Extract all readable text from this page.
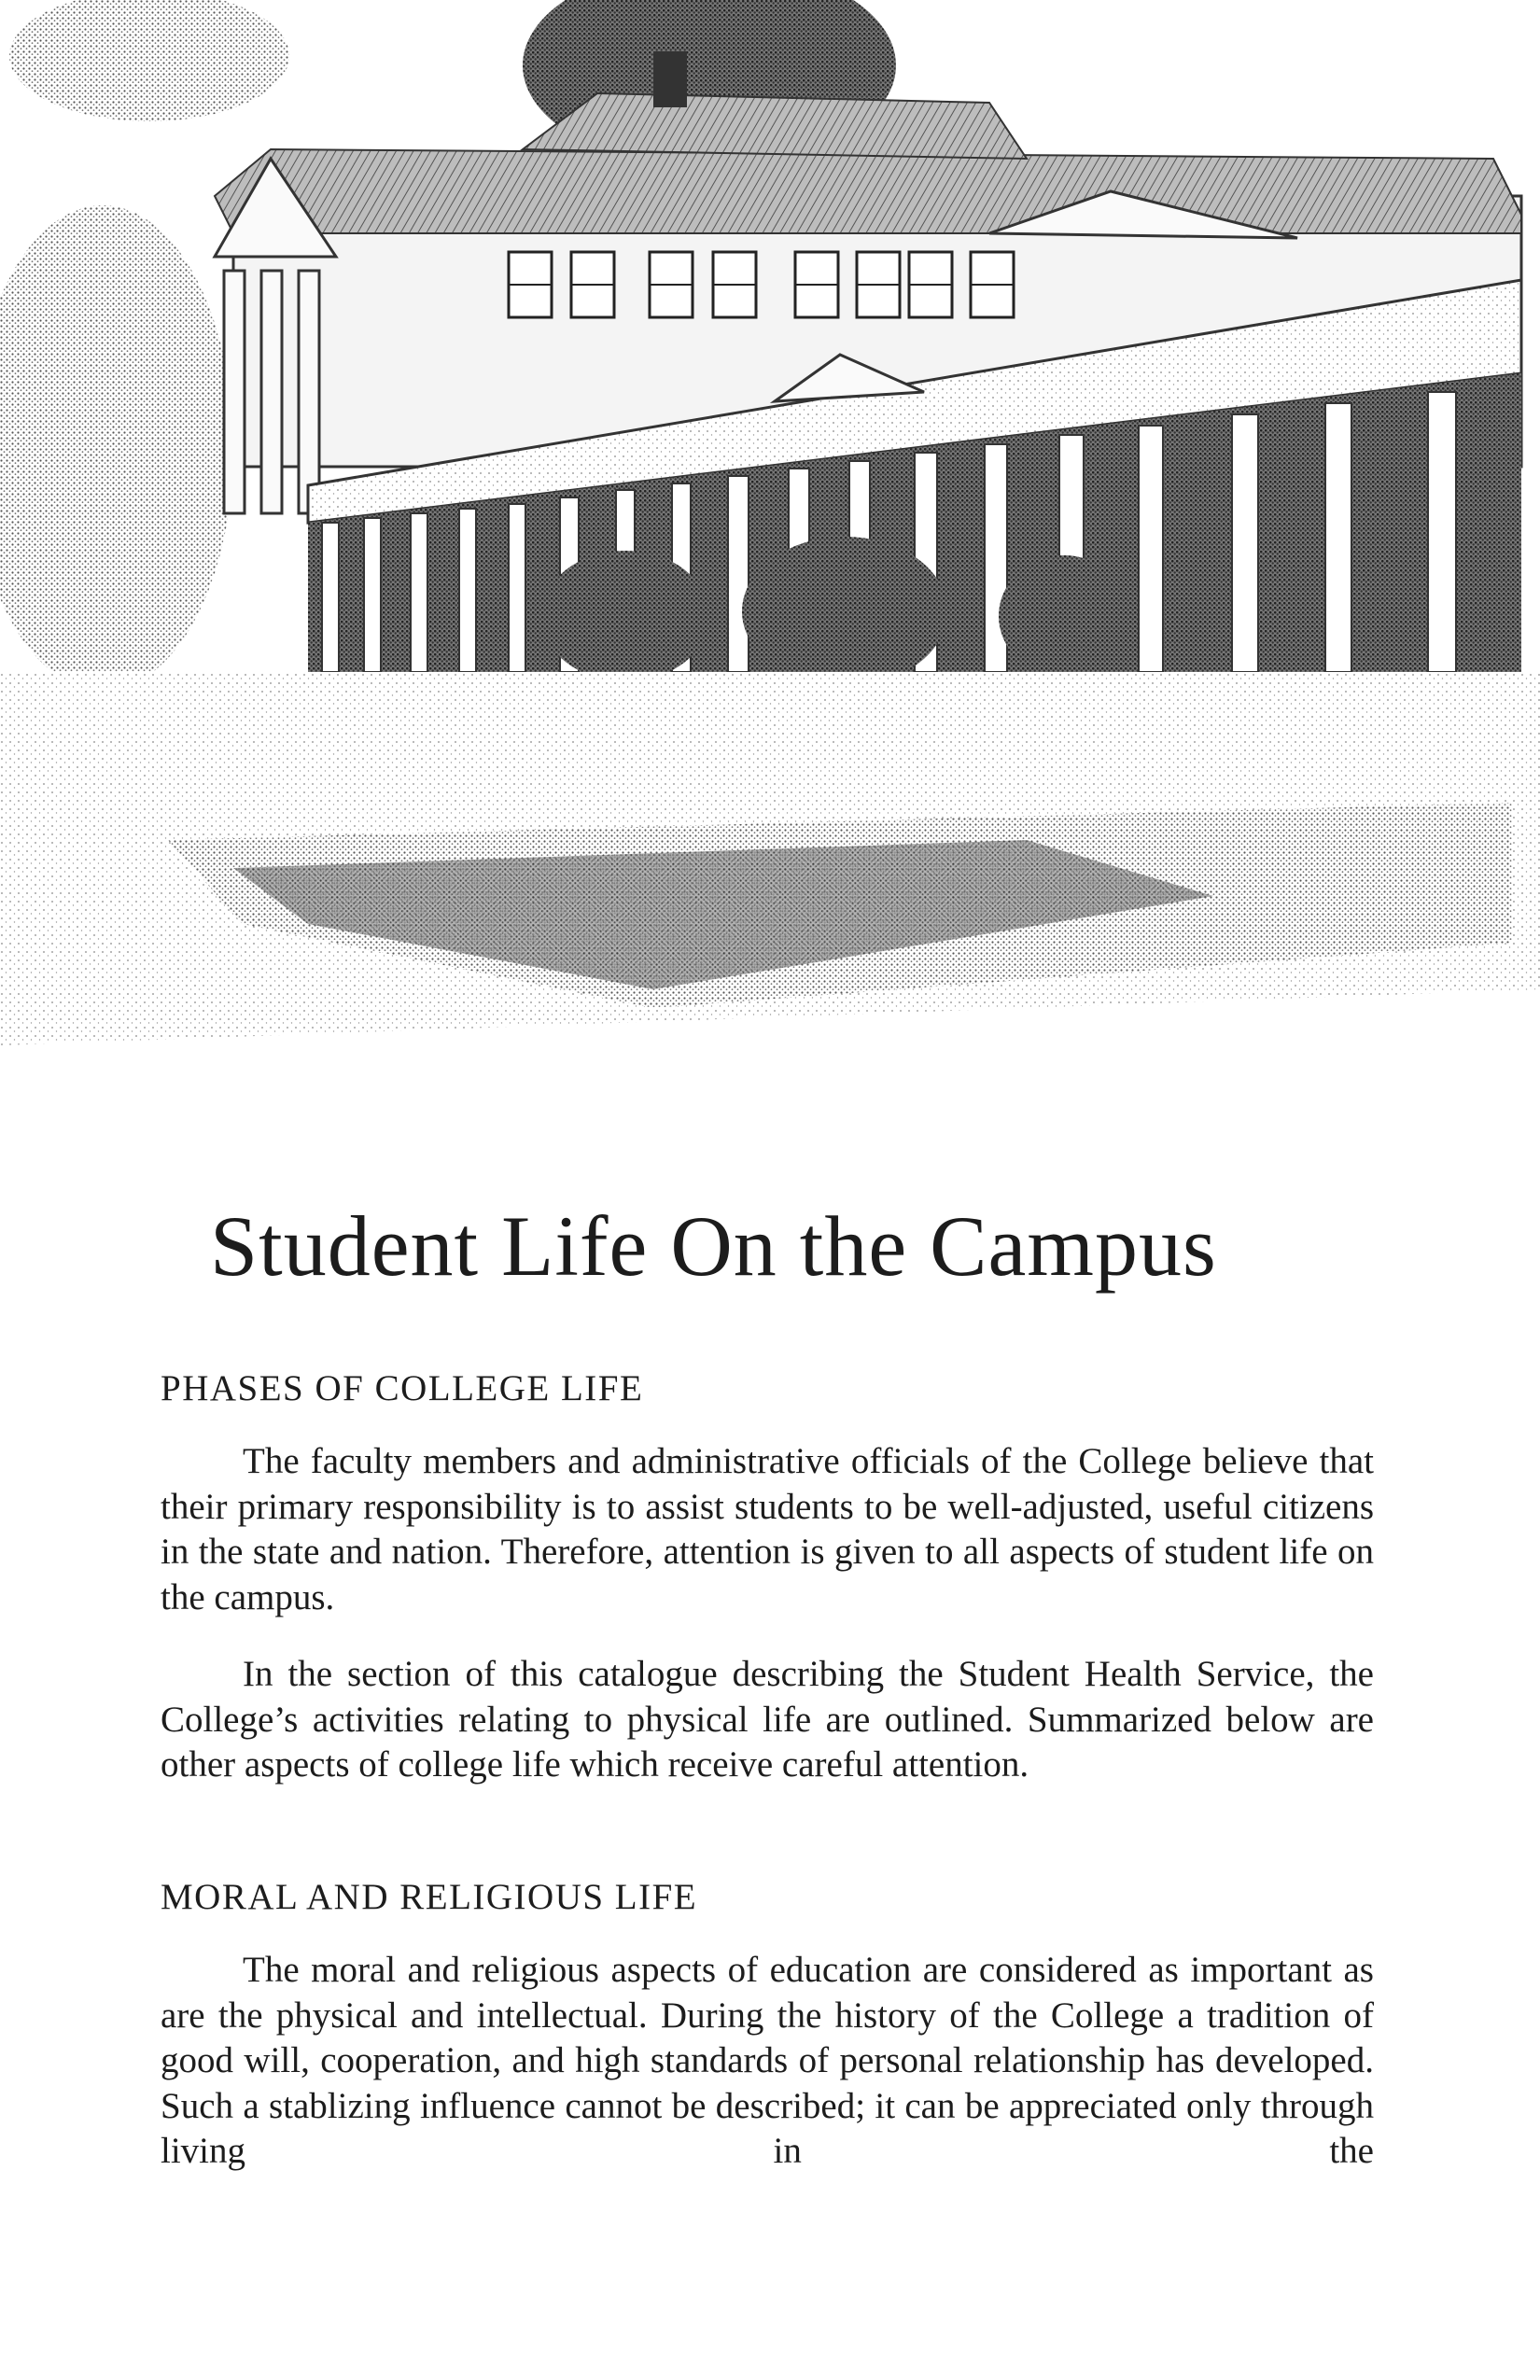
Student Life On the Campus
PHASES OF COLLEGE LIFE

The faculty members and administrative officials of the College believe that their primary responsibility is to assist students to be well-adjusted, useful citizens in the state and nation. Therefore, attention is given to all aspects of student life on the campus.

In the section of this catalogue describing the Student Health Service, the College’s activities relating to physical life are outlined. Summarized below are other aspects of college life which receive careful attention.

MORAL AND RELIGIOUS LIFE

The moral and religious aspects of education are considered as important as are the physical and intellectual. During the history of the College a tradition of good will, cooperation, and high standards of personal relationship has developed. Such a stablizing influence cannot be described; it can be appreciated only through living in the
